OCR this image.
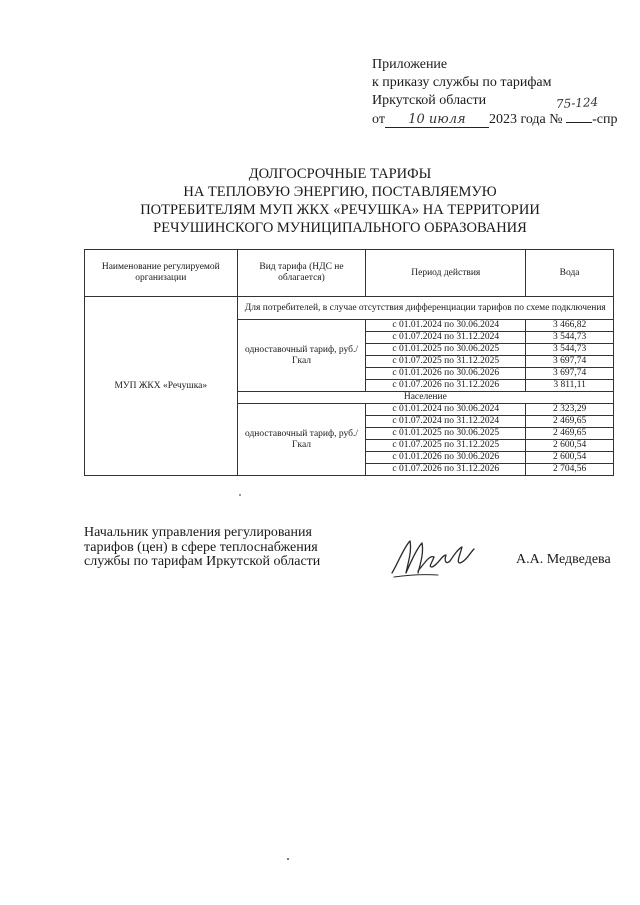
Приложение
к приказу службы по тарифам
Иркутской области
от 10 июля 2023 года № -спр
75-124
ДОЛГОСРОЧНЫЕ ТАРИФЫ
НА ТЕПЛОВУЮ ЭНЕРГИЮ, ПОСТАВЛЯЕМУЮ
ПОТРЕБИТЕЛЯМ МУП ЖКХ «РЕЧУШКА» НА ТЕРРИТОРИИ
РЕЧУШИНСКОГО МУНИЦИПАЛЬНОГО ОБРАЗОВАНИЯ
Наименование регулируемой организации	Вид тарифа (НДС не облагается)	Период действия	Вода
МУП ЖКХ «Речушка»	Для потребителей, в случае отсутствия дифференциации тарифов по схеме подключения		
	одноставочный тариф, руб./Гкал	с 01.01.2024 по 30.06.2024	3 466,82
		с 01.07.2024 по 31.12.2024	3 544,73
		с 01.01.2025 по 30.06.2025	3 544,73
		с 01.07.2025 по 31.12.2025	3 697,74
		с 01.01.2026 по 30.06.2026	3 697,74
		с 01.07.2026 по 31.12.2026	3 811,11
	Население		
	одноставочный тариф, руб./Гкал	с 01.01.2024 по 30.06.2024	2 323,29
		с 01.07.2024 по 31.12.2024	2 469,65
		с 01.01.2025 по 30.06.2025	2 469,65
		с 01.07.2025 по 31.12.2025	2 600,54
		с 01.01.2026 по 30.06.2026	2 600,54
		с 01.07.2026 по 31.12.2026	2 704,56
Начальник управления регулирования
тарифов (цен) в сфере теплоснабжения
службы по тарифам Иркутской области	А.А. Медведева
